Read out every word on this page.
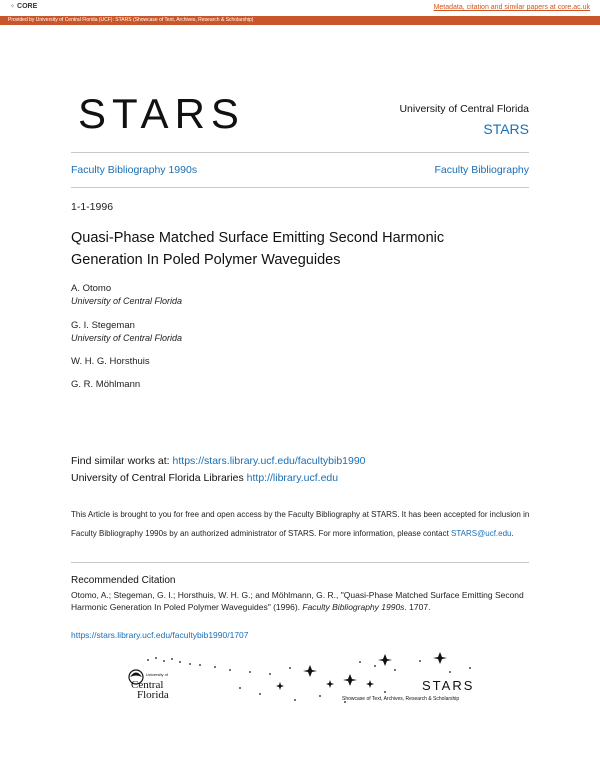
⁘ CORE	Metadata, citation and similar papers at core.ac.uk
Provided by University of Central Florida (UCF): STARS (Showcase of Text, Archives, Research & Scholarship)
STARS	University of Central Florida
STARS
Faculty Bibliography 1990s	Faculty Bibliography
1-1-1996
Quasi-Phase Matched Surface Emitting Second Harmonic Generation In Poled Polymer Waveguides
A. Otomo
University of Central Florida
G. I. Stegeman
University of Central Florida
W. H. G. Horsthuis
G. R. Möhlmann
Find similar works at: https://stars.library.ucf.edu/facultybib1990
University of Central Florida Libraries http://library.ucf.edu
This Article is brought to you for free and open access by the Faculty Bibliography at STARS. It has been accepted for inclusion in Faculty Bibliography 1990s by an authorized administrator of STARS. For more information, please contact STARS@ucf.edu.
Recommended Citation
Otomo, A.; Stegeman, G. I.; Horsthuis, W. H. G.; and Möhlmann, G. R., "Quasi-Phase Matched Surface Emitting Second Harmonic Generation In Poled Polymer Waveguides" (1996). Faculty Bibliography 1990s. 1707.
https://stars.library.ucf.edu/facultybib1990/1707
University of
Central
Florida
STARS
Showcase of Text, Archives, Research & Scholarship
